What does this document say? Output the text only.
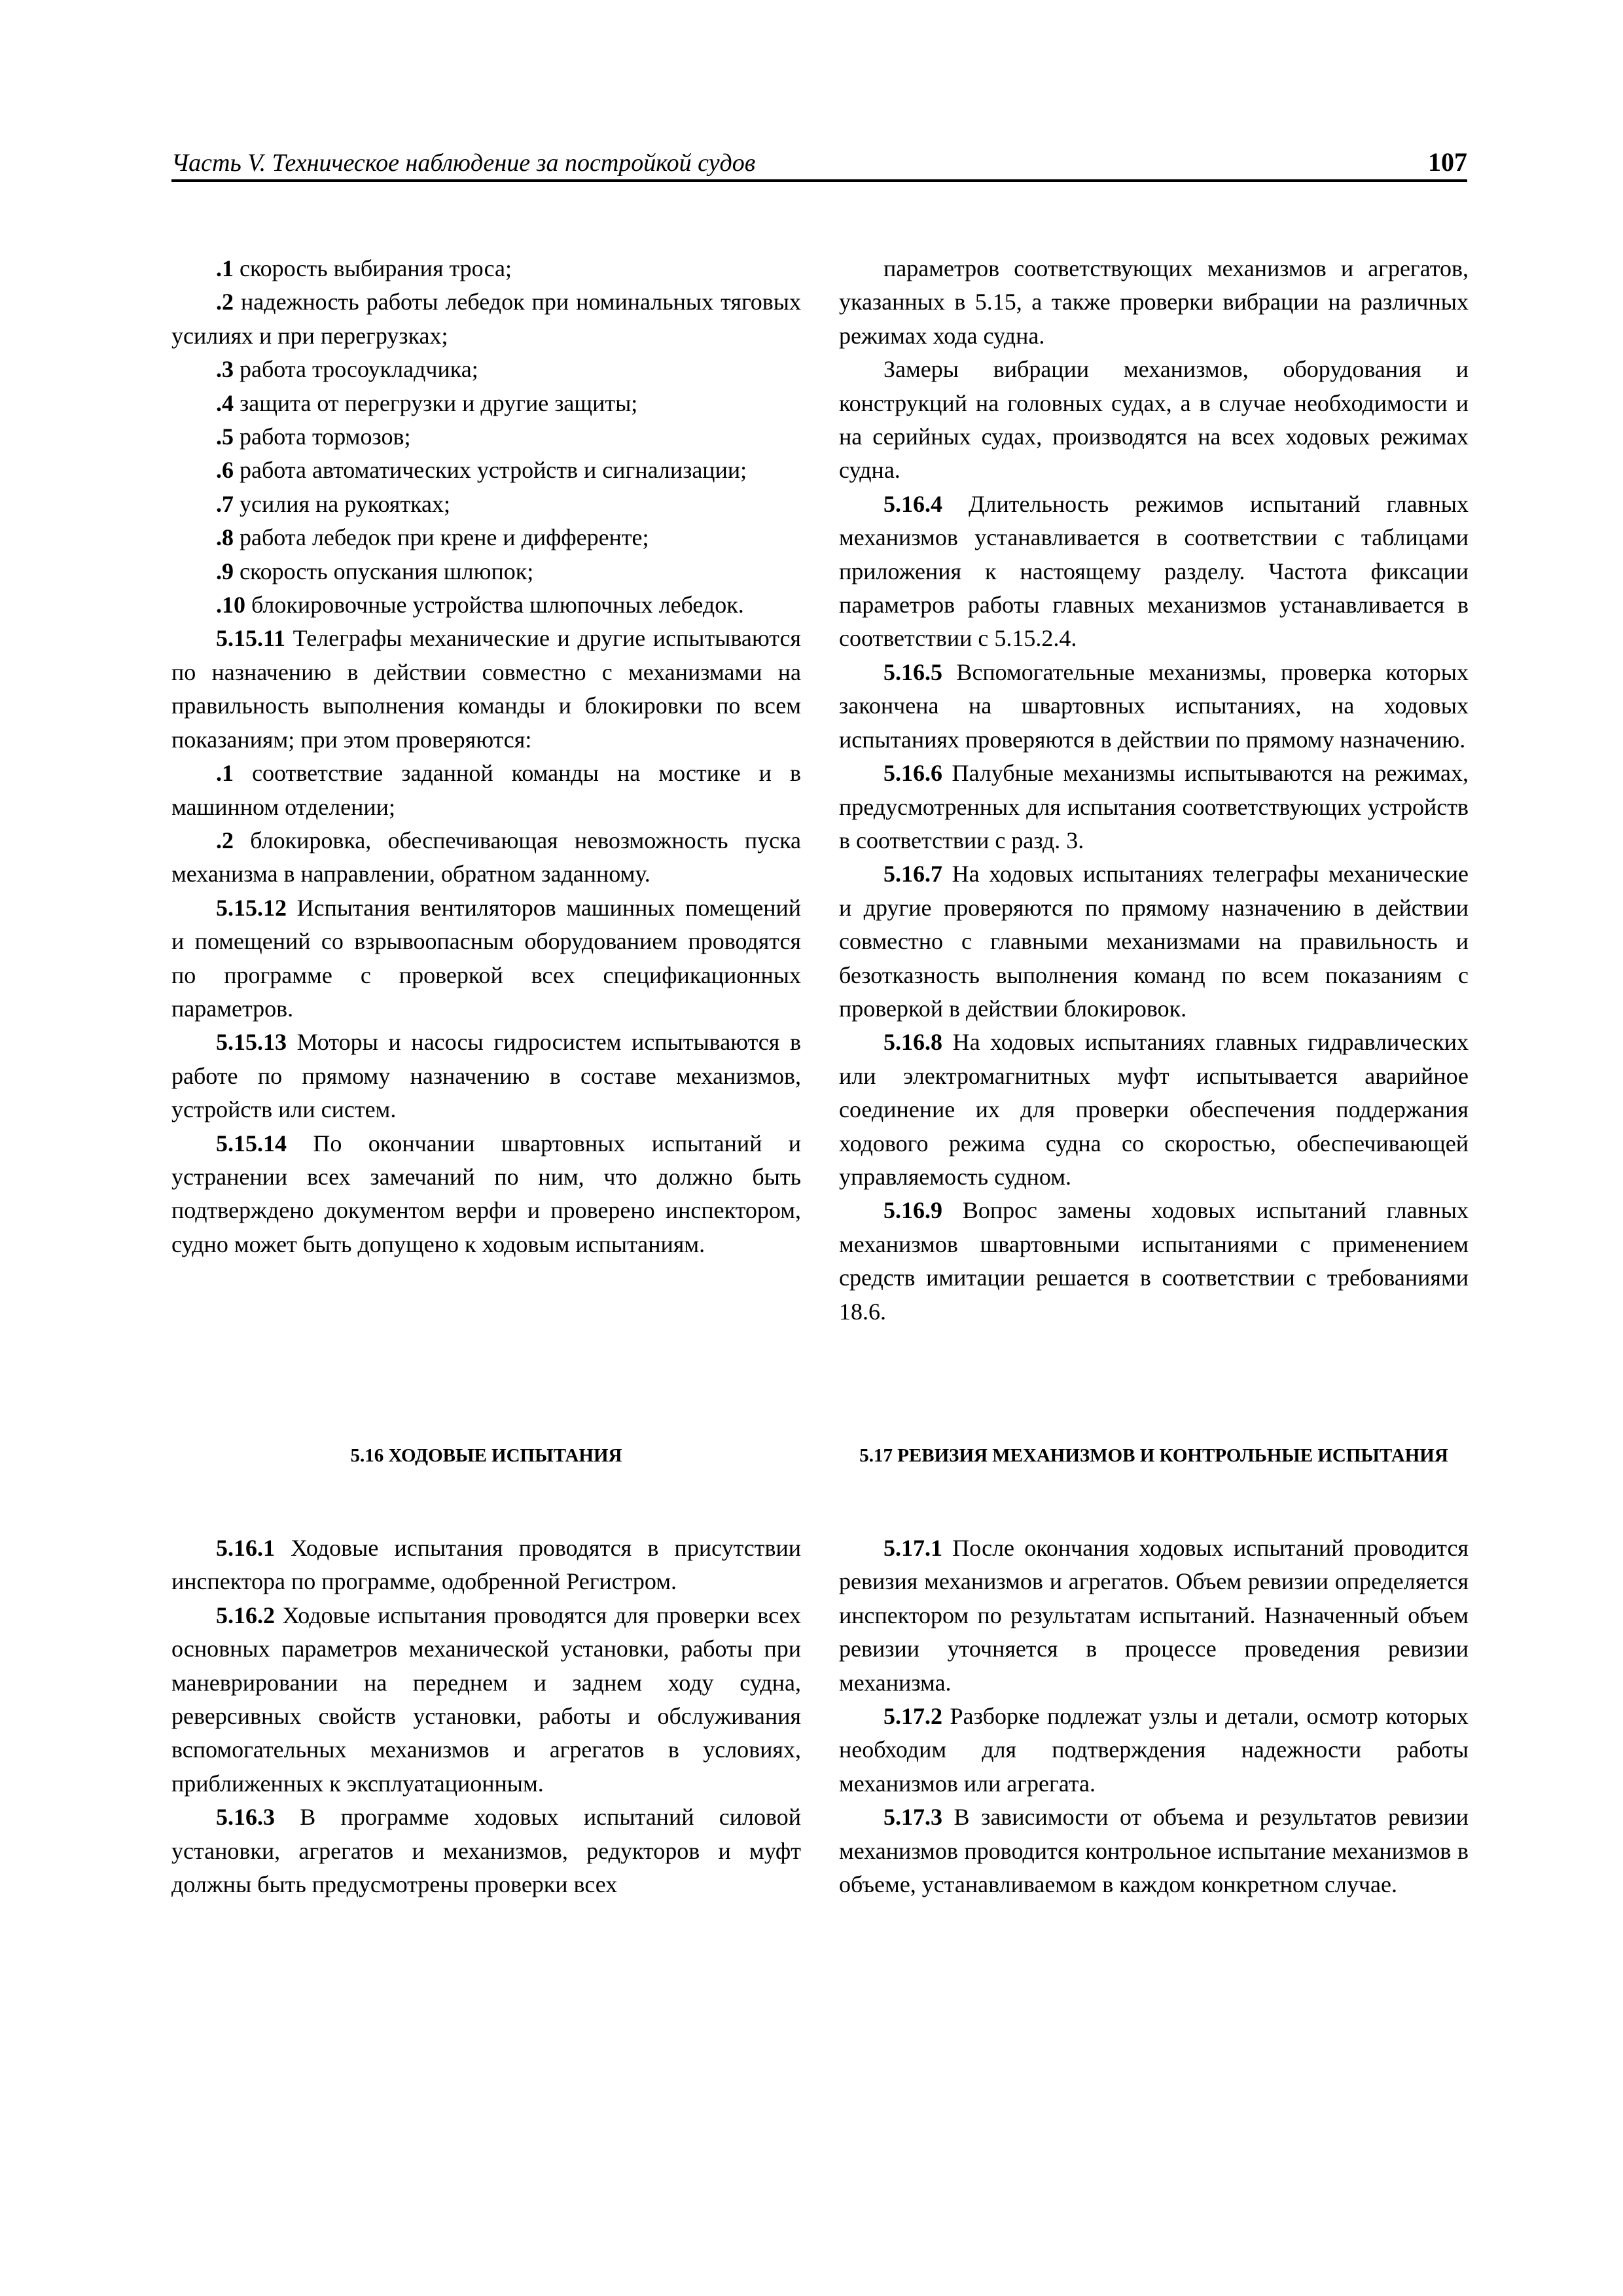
Часть V. Техническое наблюдение за постройкой судов	107

.1 скорость выбирания троса;

.2 надежность работы лебедок при номинальных тяговых усилиях и при перегрузках;

.3 работа тросоукладчика;

.4 защита от перегрузки и другие защиты;

.5 работа тормозов;

.6 работа автоматических устройств и сигнализации;

.7 усилия на рукоятках;

.8 работа лебедок при крене и дифференте;

.9 скорость опускания шлюпок;

.10 блокировочные устройства шлюпочных лебедок.

5.15.11 Телеграфы механические и другие испытываются по назначению в действии совместно с механизмами на правильность выполнения команды и блокировки по всем показаниям; при этом проверяются:

.1 соответствие заданной команды на мостике и в машинном отделении;

.2 блокировка, обеспечивающая невозможность пуска механизма в направлении, обратном заданному.

5.15.12 Испытания вентиляторов машинных помещений и помещений со взрывоопасным оборудованием проводятся по программе с проверкой всех спецификационных параметров.

5.15.13 Моторы и насосы гидросистем испытываются в работе по прямому назначению в составе механизмов, устройств или систем.

5.15.14 По окончании швартовных испытаний и устранении всех замечаний по ним, что должно быть подтверждено документом верфи и проверено инспектором, судно может быть допущено к ходовым испытаниям.

параметров соответствующих механизмов и агрегатов, указанных в 5.15, а также проверки вибрации на различных режимах хода судна.

Замеры вибрации механизмов, оборудования и конструкций на головных судах, а в случае необходимости и на серийных судах, производятся на всех ходовых режимах судна.

5.16.4 Длительность режимов испытаний главных механизмов устанавливается в соответствии с таблицами приложения к настоящему разделу. Частота фиксации параметров работы главных механизмов устанавливается в соответствии с 5.15.2.4.

5.16.5 Вспомогательные механизмы, проверка которых закончена на швартовных испытаниях, на ходовых испытаниях проверяются в действии по прямому назначению.

5.16.6 Палубные механизмы испытываются на режимах, предусмотренных для испытания соответствующих устройств в соответствии с разд. 3.

5.16.7 На ходовых испытаниях телеграфы механические и другие проверяются по прямому назначению в действии совместно с главными механизмами на правильность и безотказность выполнения команд по всем показаниям с проверкой в действии блокировок.

5.16.8 На ходовых испытаниях главных гидравлических или электромагнитных муфт испытывается аварийное соединение их для проверки обеспечения поддержания ходового режима судна со скоростью, обеспечивающей управляемость судном.

5.16.9 Вопрос замены ходовых испытаний главных механизмов швартовными испытаниями с применением средств имитации решается в соответствии с требованиями 18.6.

5.16 ХОДОВЫЕ ИСПЫТАНИЯ	5.17 РЕВИЗИЯ МЕХАНИЗМОВ И КОНТРОЛЬНЫЕ ИСПЫТАНИЯ

5.16.1 Ходовые испытания проводятся в присутствии инспектора по программе, одобренной Регистром.

5.16.2 Ходовые испытания проводятся для проверки всех основных параметров механической установки, работы при маневрировании на переднем и заднем ходу судна, реверсивных свойств установки, работы и обслуживания вспомогательных механизмов и агрегатов в условиях, приближенных к эксплуатационным.

5.16.3 В программе ходовых испытаний силовой установки, агрегатов и механизмов, редукторов и муфт должны быть предусмотрены проверки всех

5.17.1 После окончания ходовых испытаний проводится ревизия механизмов и агрегатов. Объем ревизии определяется инспектором по результатам испытаний. Назначенный объем ревизии уточняется в процессе проведения ревизии механизма.

5.17.2 Разборке подлежат узлы и детали, осмотр которых необходим для подтверждения надежности работы механизмов или агрегата.

5.17.3 В зависимости от объема и результатов ревизии механизмов проводится контрольное испытание механизмов в объеме, устанавливаемом в каждом конкретном случае.
